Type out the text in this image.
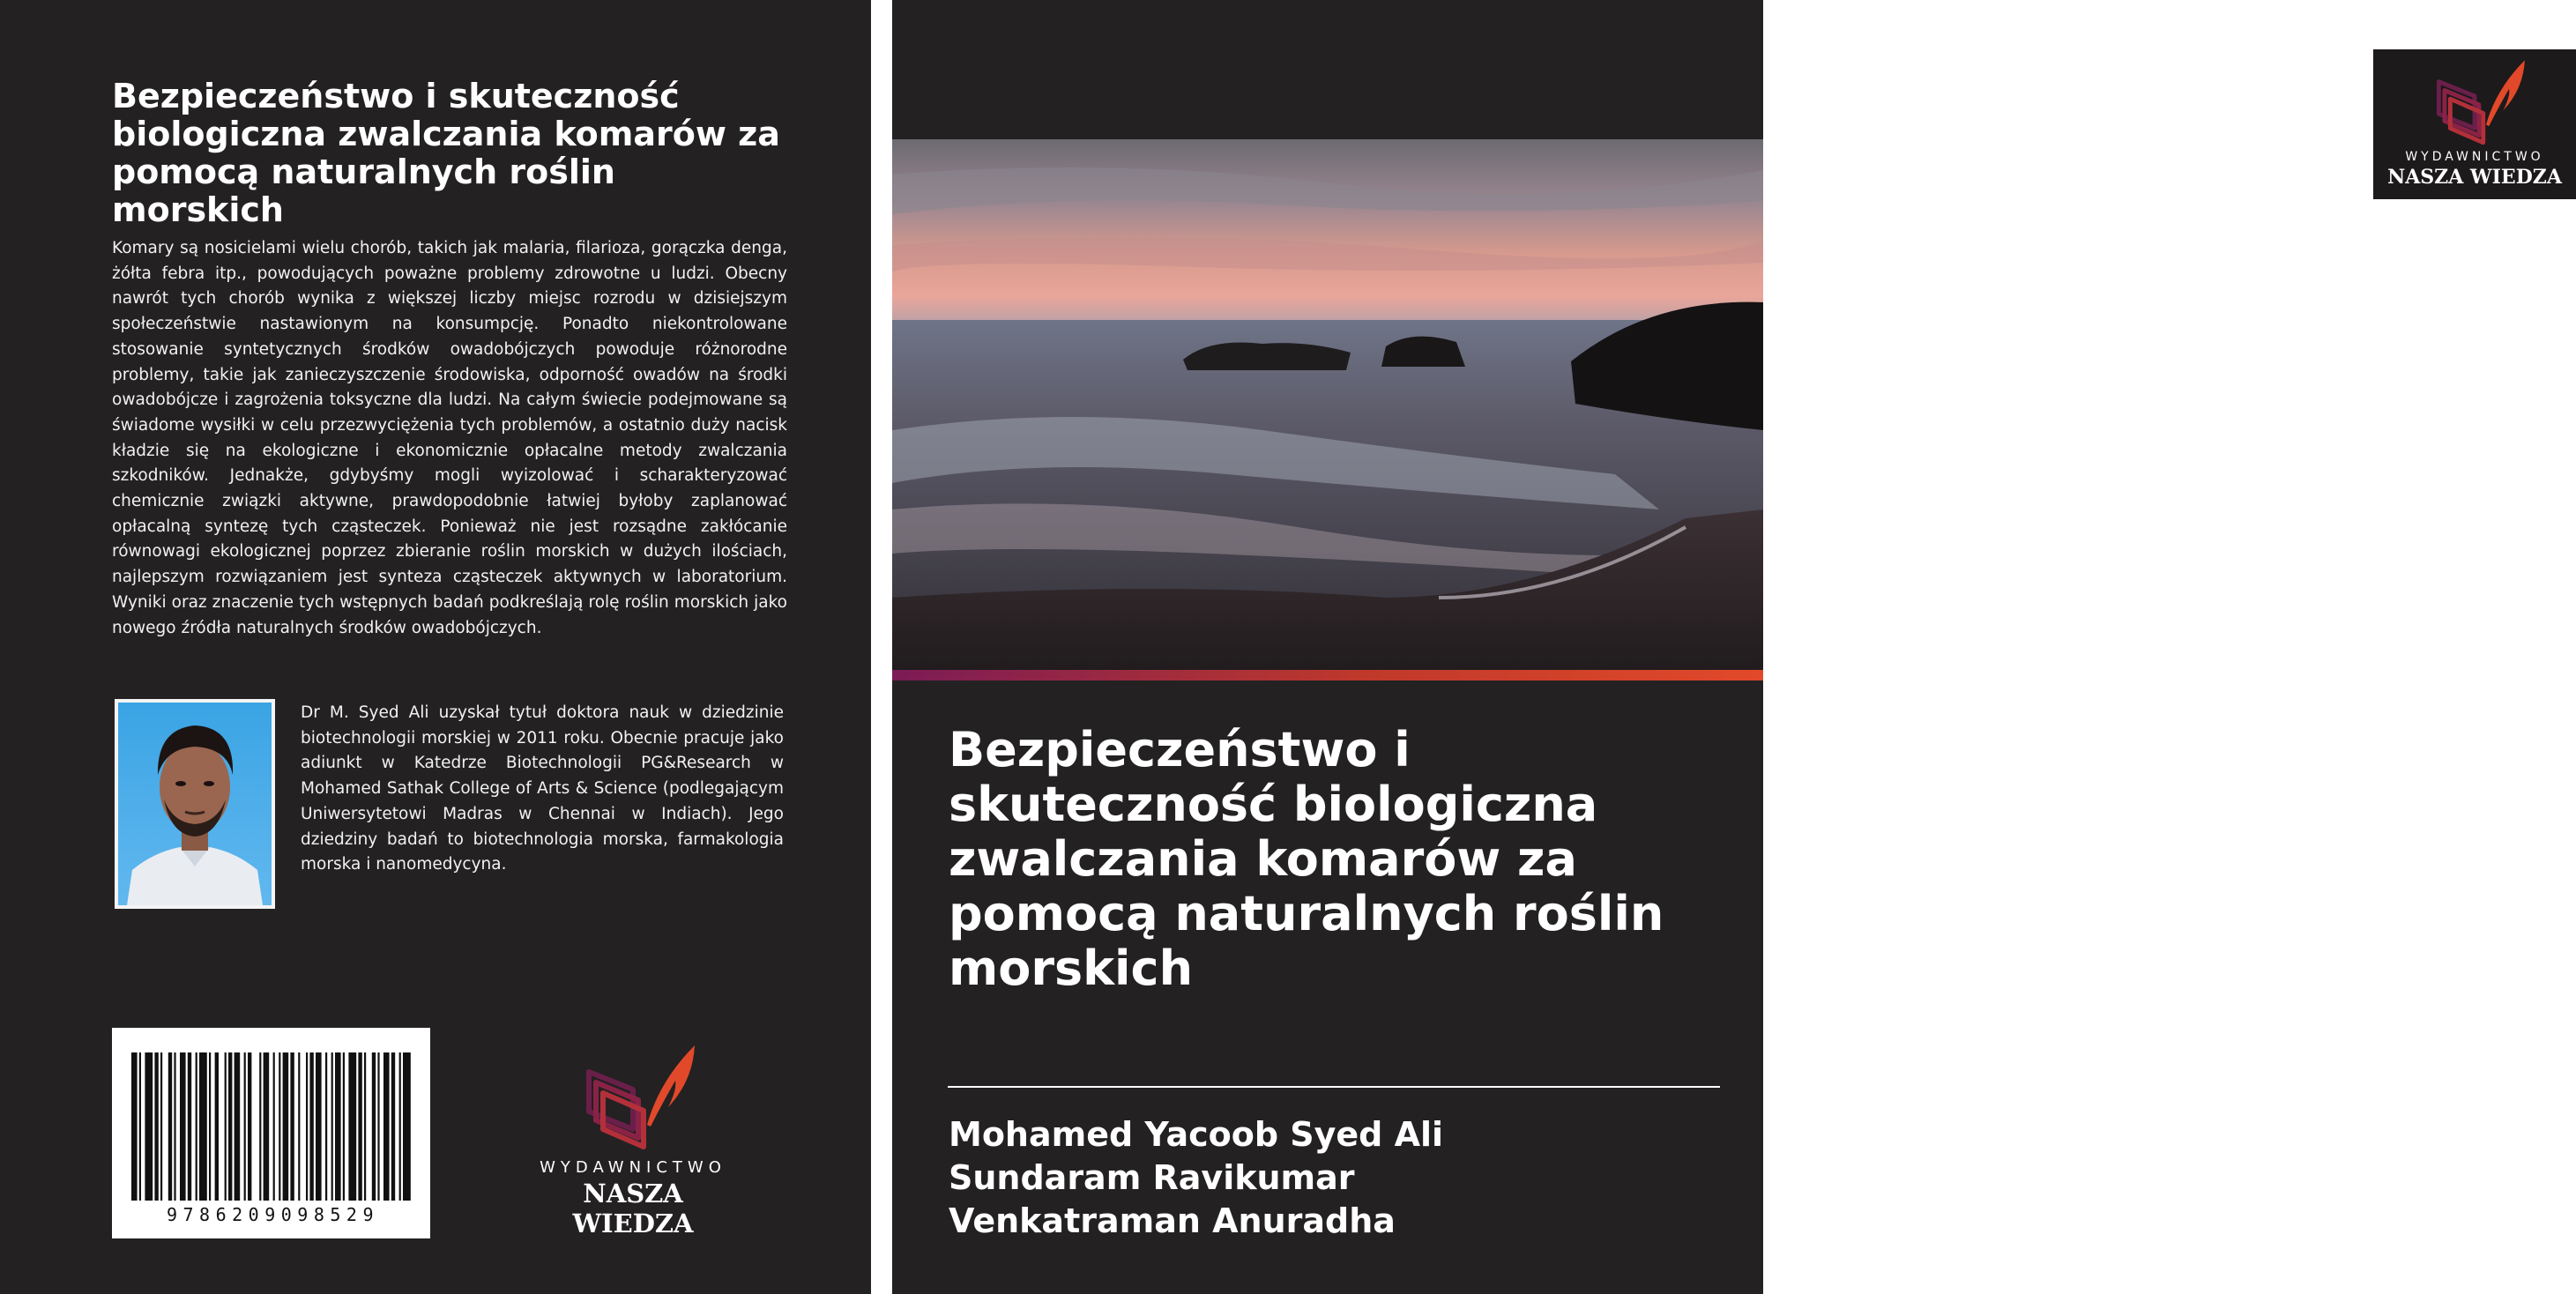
Bezpieczeństwo i skuteczność biologiczna zwalczania komarów za pomocą naturalnych roślin morskich

Komary są nosicielami wielu chorób, takich jak malaria, filarioza, gorączka denga, żółta febra itp., powodujących poważne problemy zdrowotne u ludzi. Obecny nawrót tych chorób wynika z większej liczby miejsc rozrodu w dzisiejszym społeczeństwie nastawionym na konsumpcję. Ponadto niekontrolowane stosowanie syntetycznych środków owadobójczych powoduje różnorodne problemy, takie jak zanieczyszczenie środowiska, odporność owadów na środki owadobójcze i zagrożenia toksyczne dla ludzi. Na całym świecie podejmowane są świadome wysiłki w celu przezwyciężenia tych problemów, a ostatnio duży nacisk kładzie się na ekologiczne i ekonomicznie opłacalne metody zwalczania szkodników. Jednakże, gdybyśmy mogli wyizolować i scharakteryzować chemicznie związki aktywne, prawdopodobnie łatwiej byłoby zaplanować opłacalną syntezę tych cząsteczek. Ponieważ nie jest rozsądne zakłócanie równowagi ekologicznej poprzez zbieranie roślin morskich w dużych ilościach, najlepszym rozwiązaniem jest synteza cząsteczek aktywnych w laboratorium. Wyniki oraz znaczenie tych wstępnych badań podkreślają rolę roślin morskich jako nowego źródła naturalnych środków owadobójczych.

Dr M. Syed Ali uzyskał tytuł doktora nauk w dziedzinie biotechnologii morskiej w 2011 roku. Obecnie pracuje jako adiunkt w Katedrze Biotechnologii PG&Research w Mohamed Sathak College of Arts & Science (podlegającym Uniwersytetowi Madras w Chennai w Indiach). Jego dziedziny badań to biotechnologia morska, farmakologia morska i nanomedycyna.

9786209098529
WYDAWNICTWO
NASZA WIEDZA
WYDAWNICTWO
NASZA WIEDZA
Bezpieczeństwo i skuteczność biologiczna zwalczania komarów za pomocą naturalnych roślin morskich
Mohamed Yacoob Syed Ali
Sundaram Ravikumar
Venkatraman Anuradha
